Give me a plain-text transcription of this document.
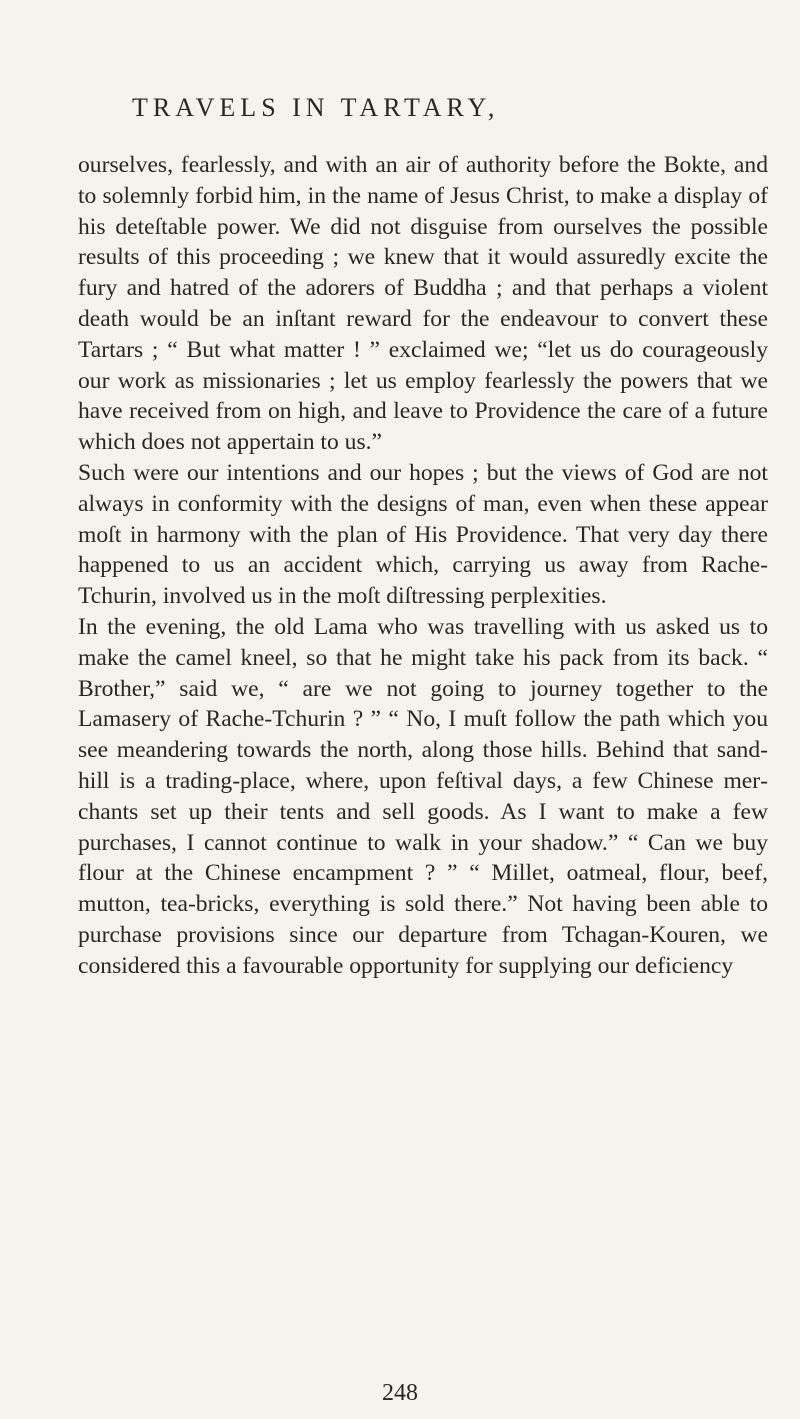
TRAVELS IN TARTARY,

ourselves, fearlessly, and with an air of authority before the Bokte, and to solemnly forbid him, in the name of Jesus Christ, to make a display of his deteſtable power. We did not disguise from ourselves the possible results of this proceeding ; we knew that it would assuredly excite the fury and hatred of the adorers of Buddha ; and that perhaps a violent death would be an inſtant reward for the endeavour to convert these Tartars ; “ But what matter ! ” exclaimed we; “let us do courageously our work as missionaries ; let us employ fearlessly the powers that we have received from on high, and leave to Providence the care of a future which does not appertain to us.”

Such were our intentions and our hopes ; but the views of God are not always in conformity with the designs of man, even when these appear moſt in harmony with the plan of His Providence. That very day there happened to us an accident which, carrying us away from Rache-Tchurin, involved us in the moſt diſtressing perplexities.

In the evening, the old Lama who was travelling with us asked us to make the camel kneel, so that he might take his pack from its back. “ Brother,” said we, “ are we not going to journey together to the Lamasery of Rache-Tchurin ? ” “ No, I muſt follow the path which you see meandering towards the north, along those hills. Behind that sand-hill is a trading-place, where, upon feſtival days, a few Chinese merchants set up their tents and sell goods. As I want to make a few purchases, I cannot continue to walk in your shadow.” “ Can we buy flour at the Chinese encampment ? ” “ Millet, oatmeal, flour, beef, mutton, tea-bricks, everything is sold there.” Not having been able to purchase provisions since our departure from Tchagan-Kouren, we considered this a favourable opportunity for supplying our deficiency

248
